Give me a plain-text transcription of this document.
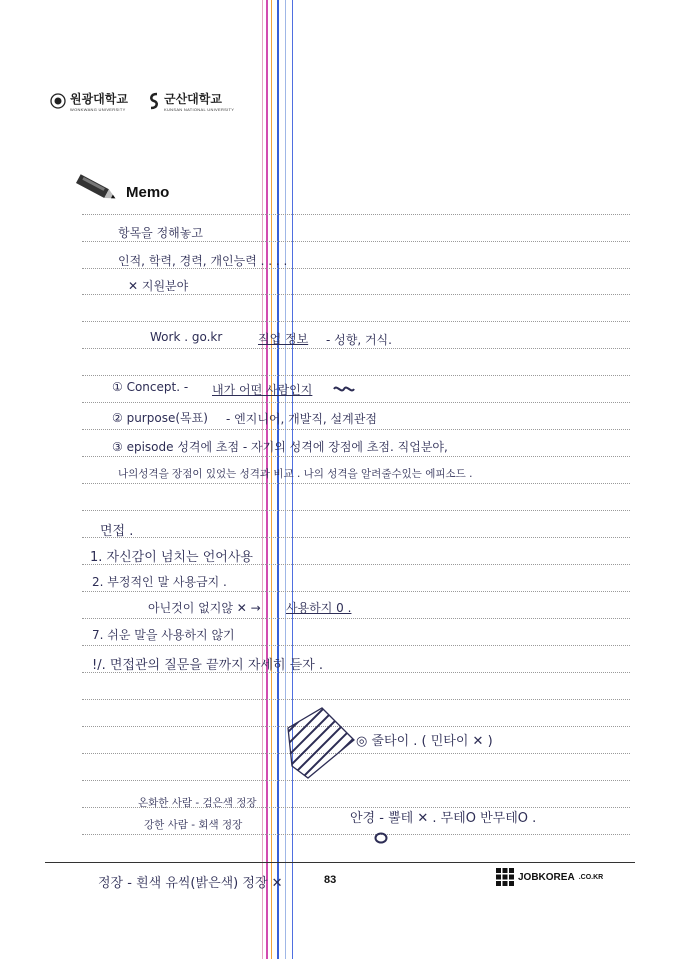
원광대학교
WONKWANG UNIVERSITY
군산대학교
KUNSAN NATIONAL UNIVERSITY
Memo
항목을 정해놓고
인적, 학력, 경력, 개인능력 . . . .
✕ 지원분야
Work . go.kr	직업 정보 - 성향, 거식.
① Concept. - 내가 어떤 사람인지
② purpose(목표) - 엔지니어, 개발직, 설계관점
③ episode 성격에 초점 - 자기의 성격에 장점에 초점. 직업분야,
나의성격을 장점이 있었는 성격과 비교 . 나의 성격을 알려줄수있는 에피소드 .
면접 .
1. 자신감이 넘치는 언어사용
2. 부정적인 말 사용금지 .
아닌것이 없지않 ✕ → 사용하지 0 .
7. 쉬운 말을 사용하지 않기
!/. 면접관의 질문을 끝까지 자세히 듣자 .
◎ 줄타이 . ( 민타이 ✕ )
온화한 사람 - 검은색 정장
강한 사람 - 회색 정장	안경 - 뿔테 ✕ . 무테O 반무테O .
정장 - 흰색 유씩(밝은색) 정장 ✕	83	JOBKOREA .CO.KR
